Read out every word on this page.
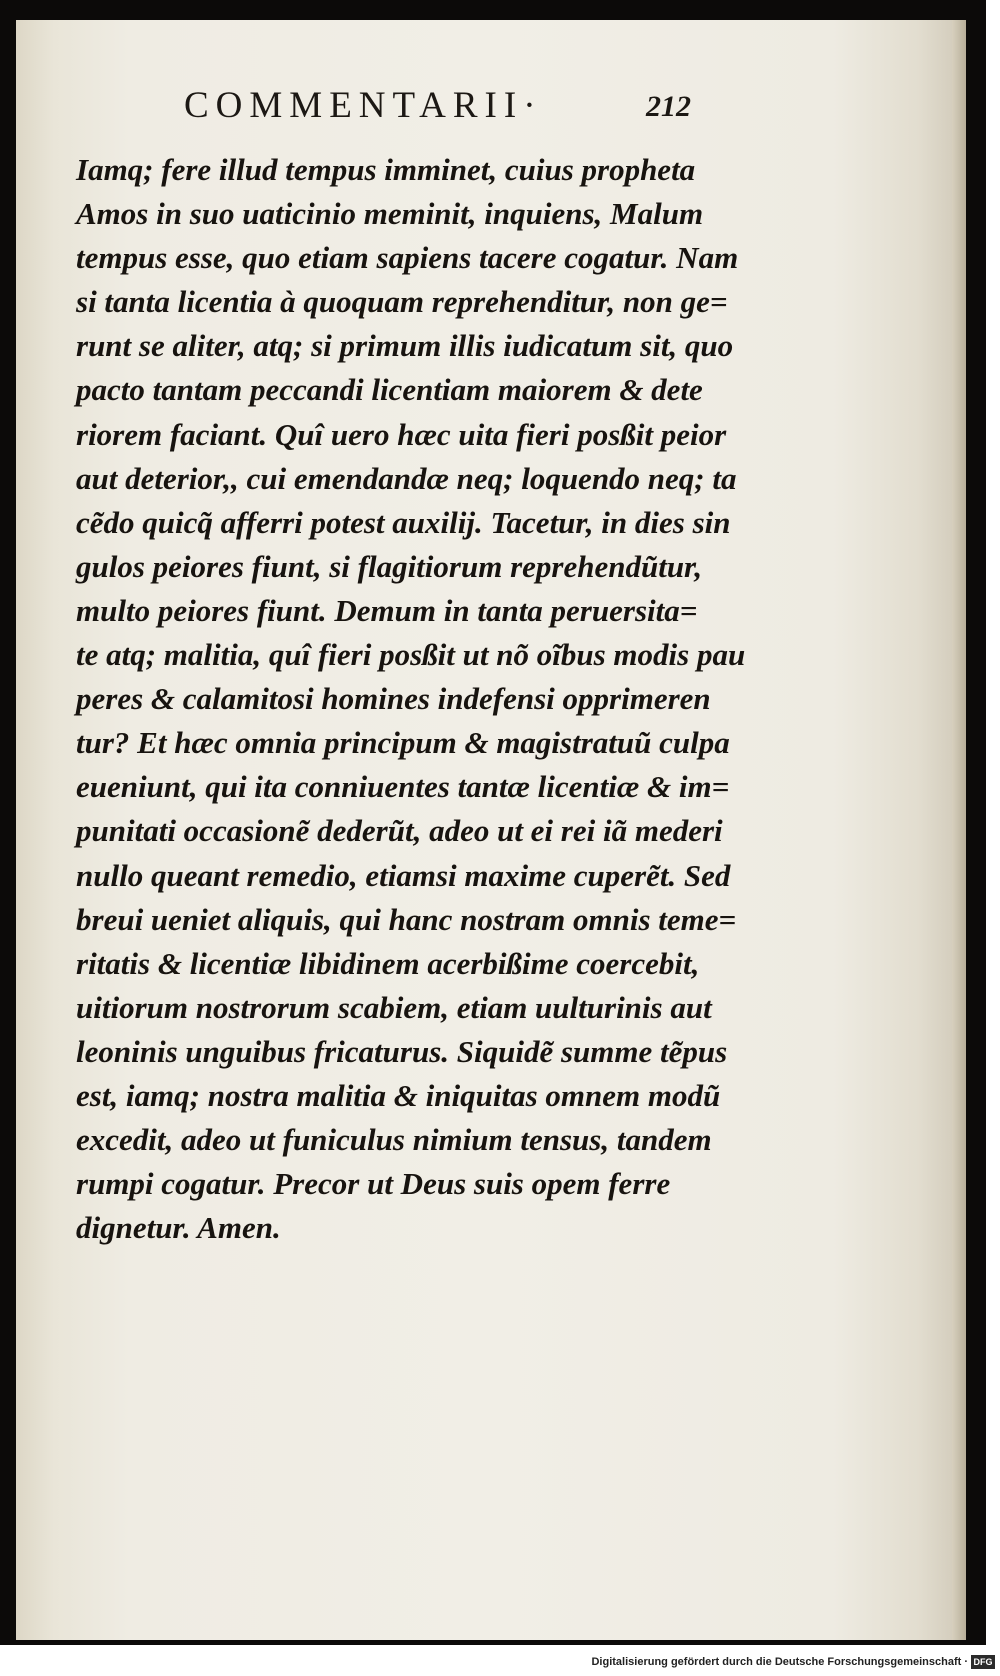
COMMENTARII·	212
Iamq; fere illud tempus imminet, cuius propheta
Amos in suo uaticinio meminit, inquiens, Malum
tempus esse, quo etiam sapiens tacere cogatur. Nam
si tanta licentia à quoquam reprehenditur, non ge=
runt se aliter, atq; si primum illis iudicatum sit, quo
pacto tantam peccandi licentiam maiorem & dete
riorem faciant. Quî uero hæc uita fieri posßit peior
aut deterior,, cui emendandæ neq; loquendo neq; ta
cẽdo quicq̃ afferri potest auxilij. Tacetur, in dies sin
gulos peiores fiunt, si flagitiorum reprehendũtur,
multo peiores fiunt. Demum in tanta peruersita=
te atq; malitia, quî fieri posßit ut nõ oĩbus modis pau
peres & calamitosi homines indefensi opprimeren
tur? Et hæc omnia principum & magistratuũ culpa
eueniunt, qui ita conniuentes tantæ licentiæ & im=
punitati occasionẽ dederũt, adeo ut ei rei iã mederi
nullo queant remedio, etiamsi maxime cuperẽt. Sed
breui ueniet aliquis, qui hanc nostram omnis teme=
ritatis & licentiæ libidinem acerbißime coercebit,
uitiorum nostrorum scabiem, etiam uulturinis aut
leoninis unguibus fricaturus. Siquidẽ summe tẽpus
est, iamq; nostra malitia & iniquitas omnem modũ
excedit, adeo ut funiculus nimium tensus, tandem
rumpi cogatur. Precor ut Deus suis opem ferre
dignetur. Amen.
Digitalisierung gefördert durch die Deutsche Forschungsgemeinschaft · DFG
